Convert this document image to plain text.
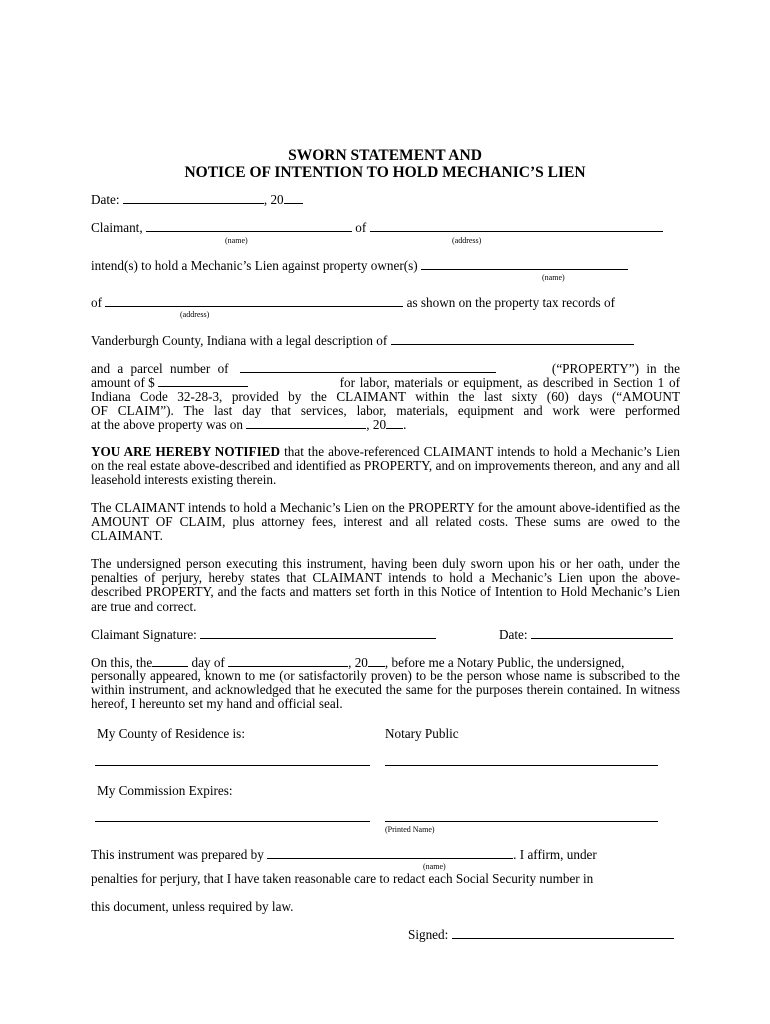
SWORN STATEMENT AND
NOTICE OF INTENTION TO HOLD MECHANIC’S LIEN
Date:	, 20
Claimant,	of
(name)	(address)
intend(s) to hold a Mechanic’s Lien against property owner(s)
(name)
of	as shown on the property tax records of
(address)
Vanderburgh County, Indiana with a legal description of
and a parcel number of	(“PROPERTY”) in the
amount of $	for labor, materials or equipment, as described in Section 1 of
Indiana Code 32-28-3, provided by the CLAIMANT within the last sixty (60) days (“AMOUNT
OF CLAIM”). The last day that services, labor, materials, equipment and work were performed
at the above property was on	, 20 .
YOU ARE HEREBY NOTIFIED that the above-referenced CLAIMANT intends to hold a Mechanic’s Lien on the real estate above-described and identified as PROPERTY, and on improvements thereon, and any and all leasehold interests existing therein.
The CLAIMANT intends to hold a Mechanic’s Lien on the PROPERTY for the amount above-identified as the AMOUNT OF CLAIM, plus attorney fees, interest and all related costs. These sums are owed to the CLAIMANT.
The undersigned person executing this instrument, having been duly sworn upon his or her oath, under the penalties of perjury, hereby states that CLAIMANT intends to hold a Mechanic’s Lien upon the above-described PROPERTY, and the facts and matters set forth in this Notice of Intention to Hold Mechanic’s Lien are true and correct.
Claimant Signature:	Date:
On this, the	day of	, 20 , before me a Notary Public, the undersigned,
personally appeared, known to me (or satisfactorily proven) to be the person whose name is subscribed to the within instrument, and acknowledged that he executed the same for the purposes therein contained. In witness hereof, I hereunto set my hand and official seal.
My County of Residence is:	Notary Public
My Commission Expires:
(Printed Name)
This instrument was prepared by	. I affirm, under
(name)
penalties for perjury, that I have taken reasonable care to redact each Social Security number in
this document, unless required by law.
Signed:
